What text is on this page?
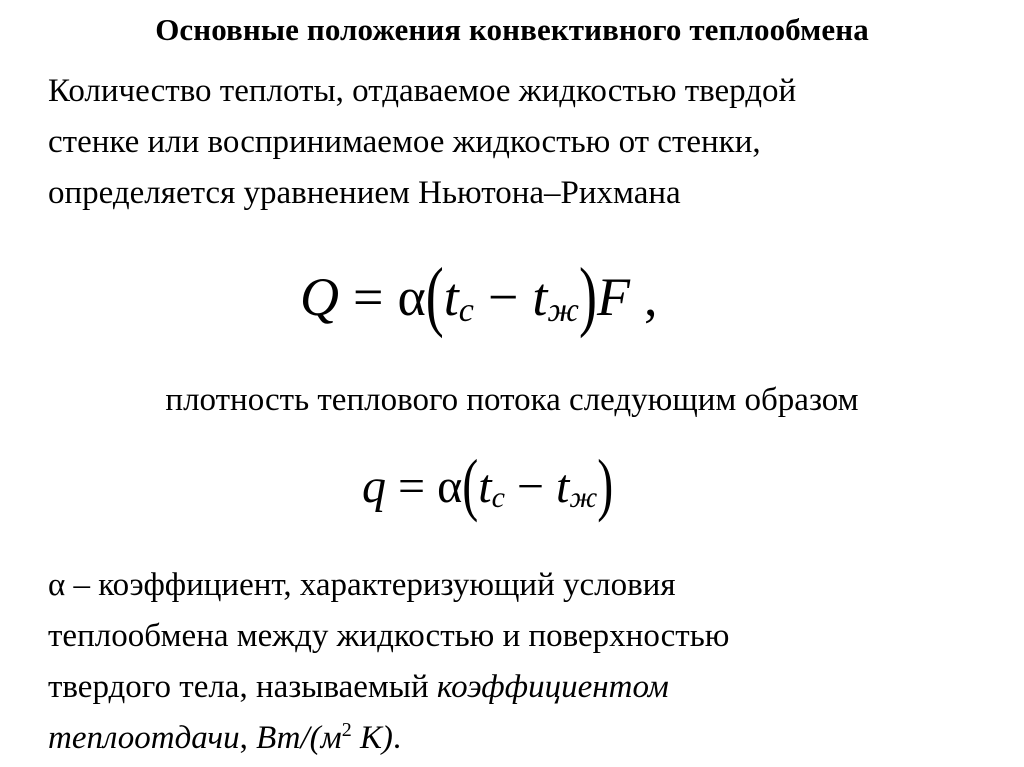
Основные положения конвективного теплообмена
Количество теплоты, отдаваемое жидкостью твердой
стенке или воспринимаемое жидкостью от стенки,
определяется уравнением Ньютона–Рихмана
Q = α ( $t_с - t_ж$ ) F ,
плотность теплового потока следующим образом
q = α ( $t_с - t_ж$ )
α – коэффициент, характеризующий условия
теплообмена между жидкостью и поверхностью
твердого тела, называемый коэффициентом
теплоотдачи, $Вт/(м^2$ К).
